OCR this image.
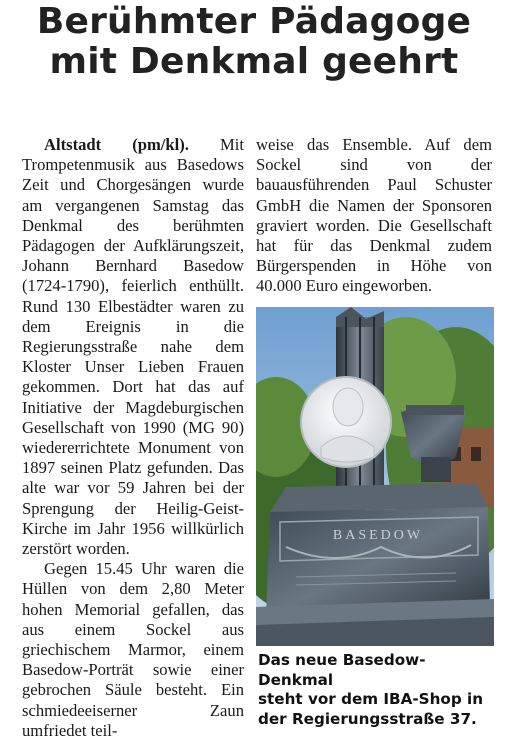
Berühmter Pädagoge
mit Denkmal geehrt

Altstadt (pm/kl). Mit Trompetenmusik aus Basedows Zeit und Chorgesängen wurde am vergangenen Samstag das Denkmal des berühmten Pädagogen der Aufklärungszeit, Johann Bernhard Basedow (1724-1790), feierlich enthüllt. Rund 130 Elbestädter waren zu dem Ereignis in die Regierungsstraße nahe dem Kloster Unser Lieben Frauen gekommen. Dort hat das auf Initiative der Magdeburgischen Gesellschaft von 1990 (MG 90) wiedererrichtete Monument von 1897 seinen Platz gefunden. Das alte war vor 59 Jahren bei der Sprengung der Heilig-Geist-Kirche im Jahr 1956 willkürlich zerstört worden.

Gegen 15.45 Uhr waren die Hüllen von dem 2,80 Meter hohen Memorial gefallen, das aus einem Sockel aus griechischem Marmor, einem Basedow-Porträt sowie einer gebrochen Säule besteht. Ein schmiedeeiserner Zaun umfriedet teil-

weise das Ensemble. Auf dem Sockel sind von der bauausführenden Paul Schuster GmbH die Namen der Sponsoren graviert worden. Die Gesellschaft hat für das Denkmal zudem Bürgerspenden in Höhe von 40.000 Euro eingeworben.

BASEDOW
Das neue Basedow-Denkmal
steht vor dem IBA-Shop in
der Regierungsstraße 37.
